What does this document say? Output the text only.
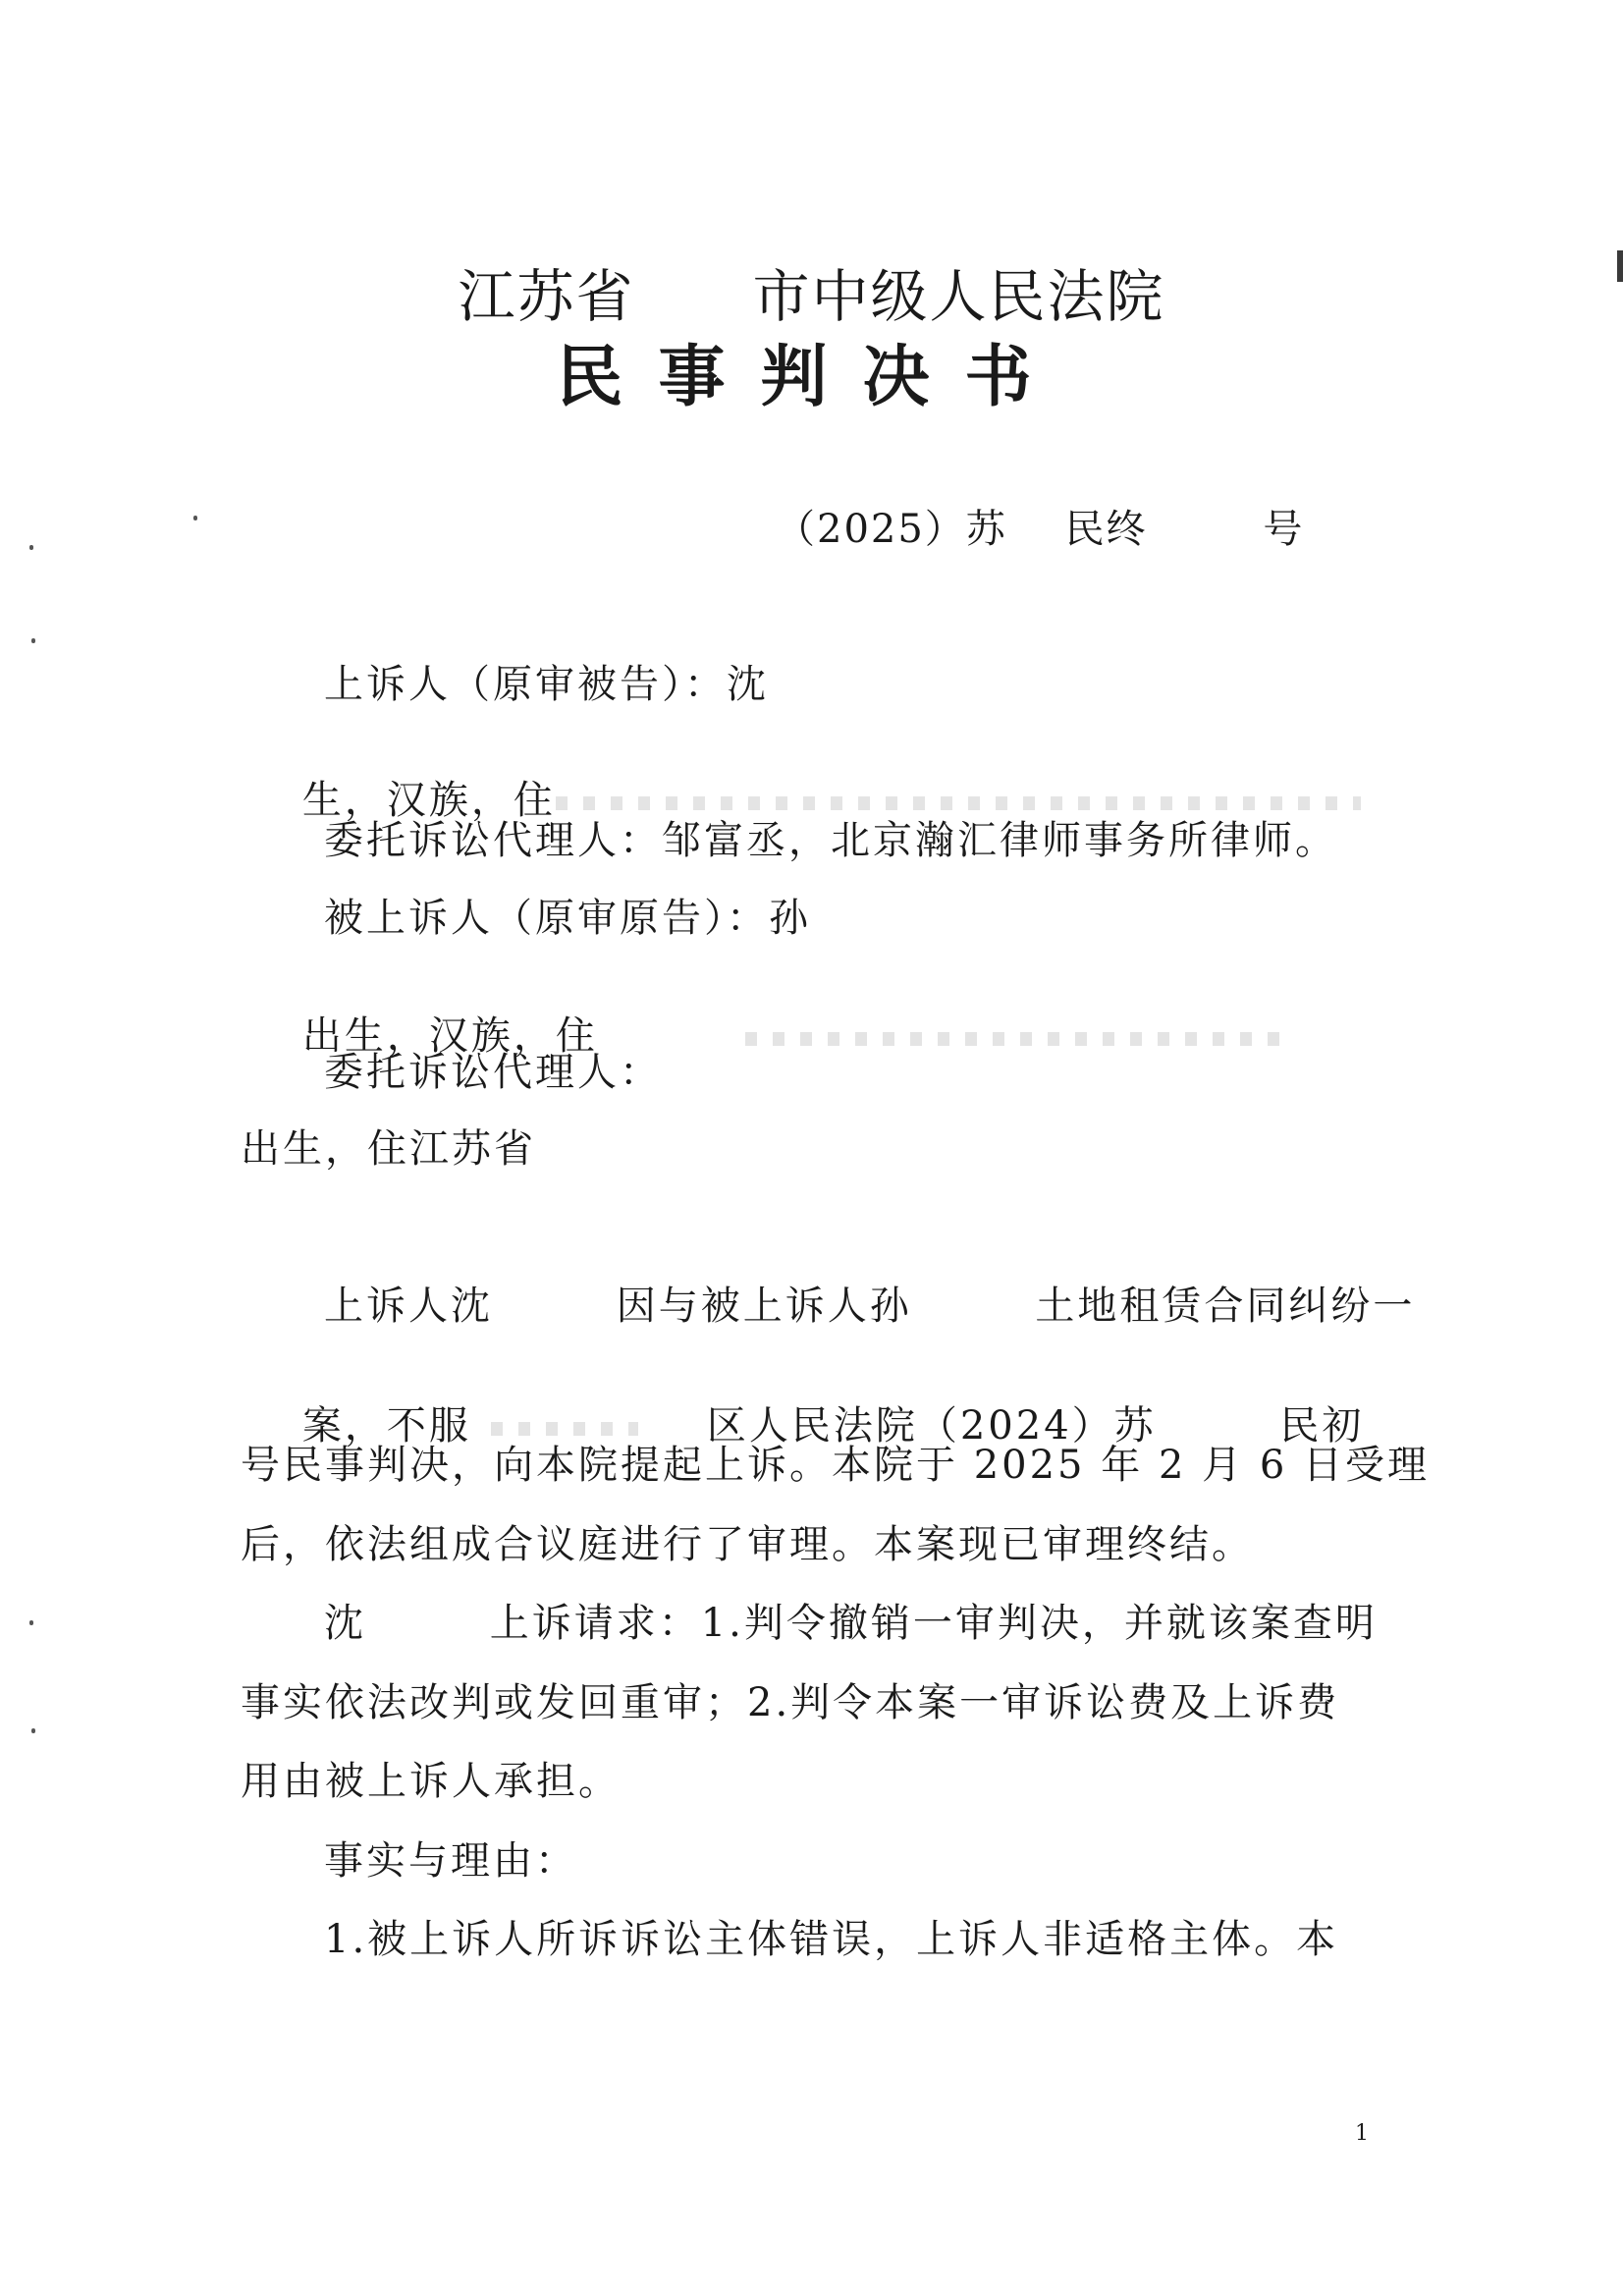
江苏省 市中级人民法院
民事判决书
（2025）苏    民终        号
上诉人（原审被告）：沈

生，汉族，住

委托诉讼代理人：邹富丞，北京瀚汇律师事务所律师。
被上诉人（原审原告）：孙

出生，汉族，住

委托诉讼代理人：
出生，住江苏省
上诉人沈        因与被上诉人孙        土地租赁合同纠纷一

案，不服	区人民法院（2024）苏        民初

号民事判决，向本院提起上诉。本院于 2025 年 2 月 6 日受理
后，依法组成合议庭进行了审理。本案现已审理终结。
沈        上诉请求：1.判令撤销一审判决，并就该案查明
事实依法改判或发回重审；2.判令本案一审诉讼费及上诉费
用由被上诉人承担。
事实与理由：
1.被上诉人所诉诉讼主体错误，上诉人非适格主体。本
1
